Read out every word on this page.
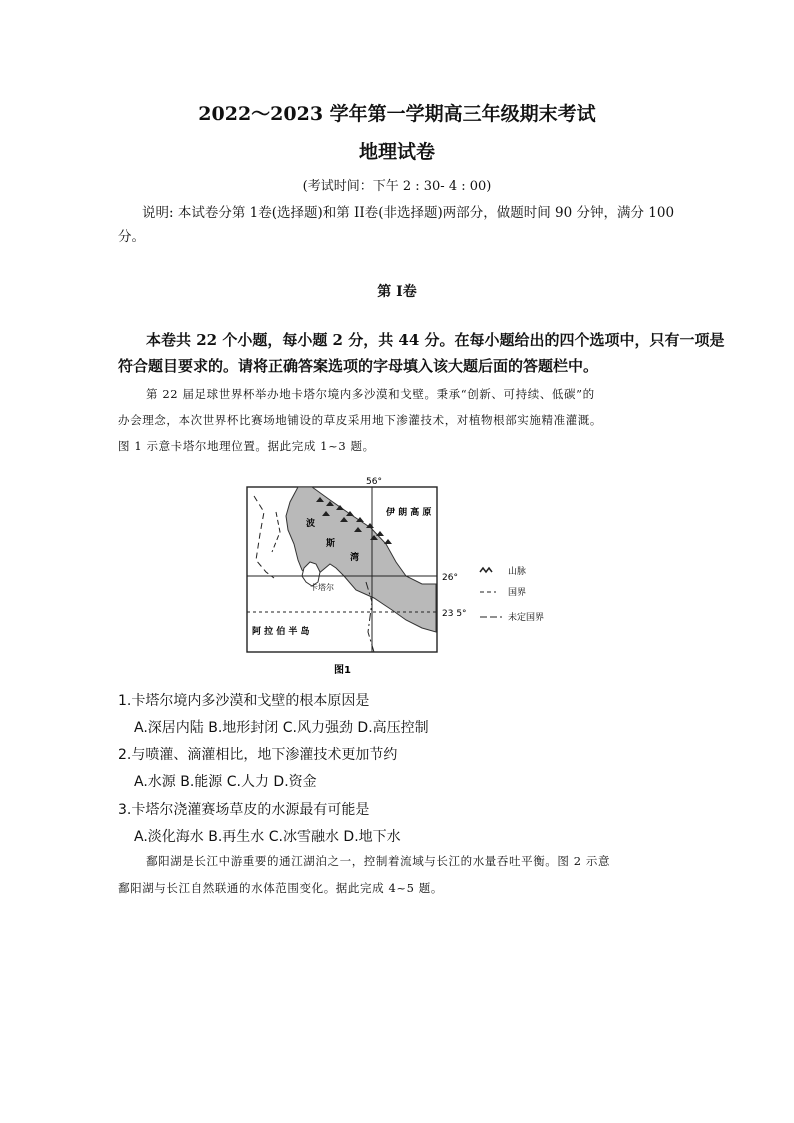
2022～2023 学年第一学期高三年级期末考试
地理试卷
(考试时间：下午 2 : 30- 4 : 00)
说明: 本试卷分第 1卷(选择题)和第 II卷(非选择题)两部分，做题时间 90 分钟，满分 100
分。
第 I卷
本卷共 22 个小题，每小题 2 分，共 44 分。在每小题给出的四个选项中，只有一项是
符合题目要求的。请将正确答案选项的字母填入该大题后面的答题栏中。
第 22 届足球世界杯举办地卡塔尔境内多沙漠和戈壁。秉承“创新、可持续、低碳”的
办会理念，本次世界杯比赛场地铺设的草皮采用地下渗灌技术，对植物根部实施精准灌溉。
图 1 示意卡塔尔地理位置。据此完成 1~3 题。
56°
26°
23 5°
伊 朗 高 原
波
斯
湾
卡塔尔
阿 拉 伯 半 岛
山脉
国界
未定国界
图1
1.卡塔尔境内多沙漠和戈壁的根本原因是
A.深居内陆 B.地形封闭 C.风力强劲 D.高压控制
2.与喷灌、滴灌相比，地下渗灌技术更加节约
A.水源 B.能源 C.人力 D.资金
3.卡塔尔浇灌赛场草皮的水源最有可能是
A.淡化海水 B.再生水 C.冰雪融水 D.地下水
鄱阳湖是长江中游重要的通江湖泊之一，控制着流域与长江的水量吞吐平衡。图 2 示意
鄱阳湖与长江自然联通的水体范围变化。据此完成 4~5 题。
